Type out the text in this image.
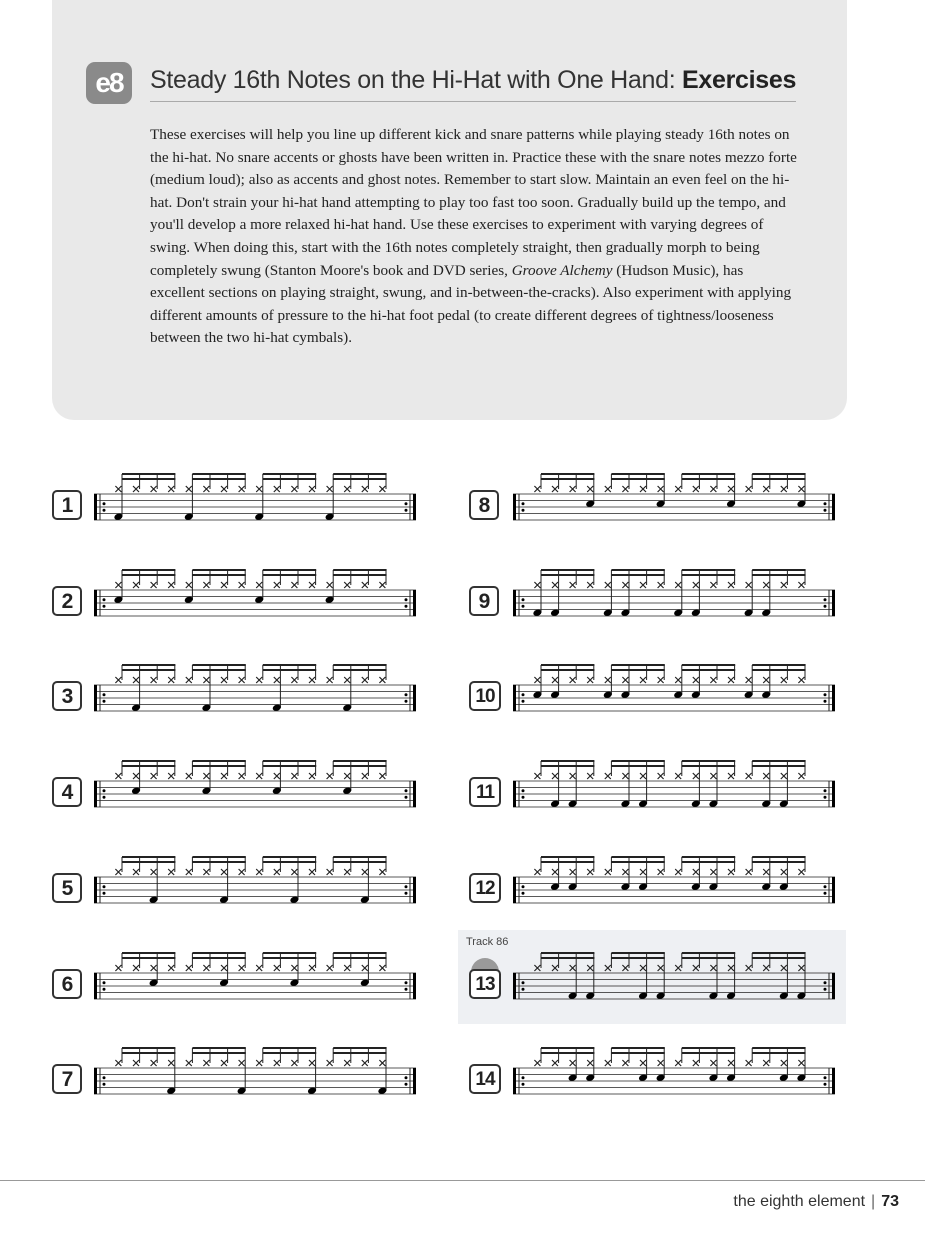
e8	Steady 16th Notes on the Hi-Hat with One Hand: Exercises

These exercises will help you line up different kick and snare patterns while playing steady 16th notes on the hi-hat. No snare accents or ghosts have been written in. Practice these with the snare notes mezzo forte (medium loud); also as accents and ghost notes. Remember to start slow. Maintain an even feel on the hi-hat. Don't strain your hi-hat hand attempting to play too fast too soon. Gradually build up the tempo, and you'll develop a more relaxed hi-hat hand. Use these exercises to experiment with varying degrees of swing. When doing this, start with the 16th notes completely straight, then gradually morph to being completely swung (Stanton Moore's book and DVD series, Groove Alchemy (Hudson Music), has excellent sections on playing straight, swung, and in-between-the-cracks). Also experiment with applying different amounts of pressure to the hi-hat foot pedal (to create different degrees of tightness/looseness between the two hi-hat cymbals).

Track 86
1
2
3
4
5
6
7
8
9
10
11
12
13
14
the eighth element | 73
